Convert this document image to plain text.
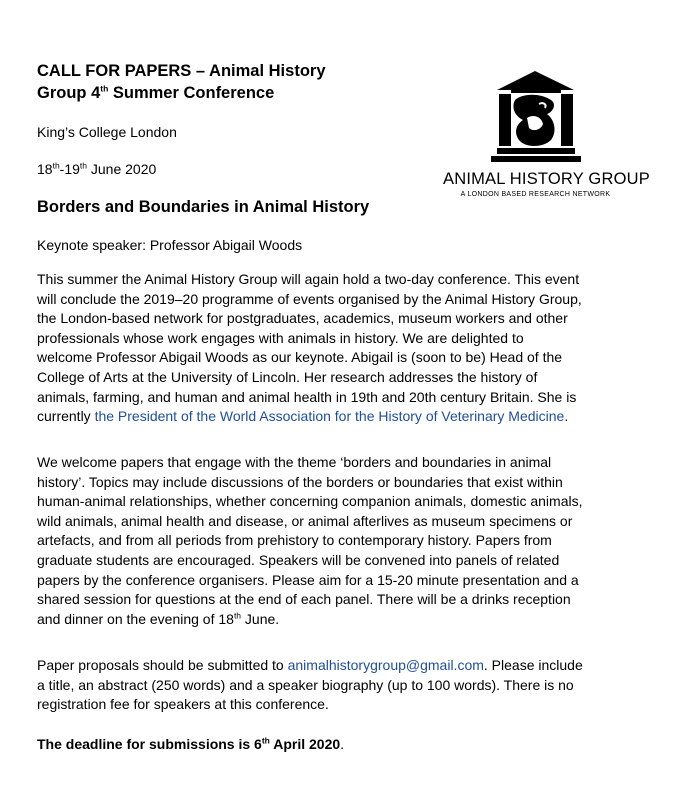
CALL FOR PAPERS – Animal History
Group 4th Summer Conference

King’s College London

18th-19th June 2020

Borders and Boundaries in Animal History

Keynote speaker: Professor Abigail Woods

ANIMAL HISTORY GROUP
A LONDON BASED RESEARCH NETWORK

This summer the Animal History Group will again hold a two-day conference. This event
will conclude the 2019–20 programme of events organised by the Animal History Group,
the London-based network for postgraduates, academics, museum workers and other
professionals whose work engages with animals in history. We are delighted to
welcome Professor Abigail Woods as our keynote. Abigail is (soon to be) Head of the
College of Arts at the University of Lincoln. Her research addresses the history of
animals, farming, and human and animal health in 19th and 20th century Britain. She is
currently the President of the World Association for the History of Veterinary Medicine.

We welcome papers that engage with the theme ‘borders and boundaries in animal
history’. Topics may include discussions of the borders or boundaries that exist within
human-animal relationships, whether concerning companion animals, domestic animals,
wild animals, animal health and disease, or animal afterlives as museum specimens or
artefacts, and from all periods from prehistory to contemporary history. Papers from
graduate students are encouraged. Speakers will be convened into panels of related
papers by the conference organisers. Please aim for a 15-20 minute presentation and a
shared session for questions at the end of each panel. There will be a drinks reception
and dinner on the evening of 18th June.

Paper proposals should be submitted to animalhistorygroup@gmail.com. Please include
a title, an abstract (250 words) and a speaker biography (up to 100 words). There is no
registration fee for speakers at this conference.

The deadline for submissions is 6th April 2020.
